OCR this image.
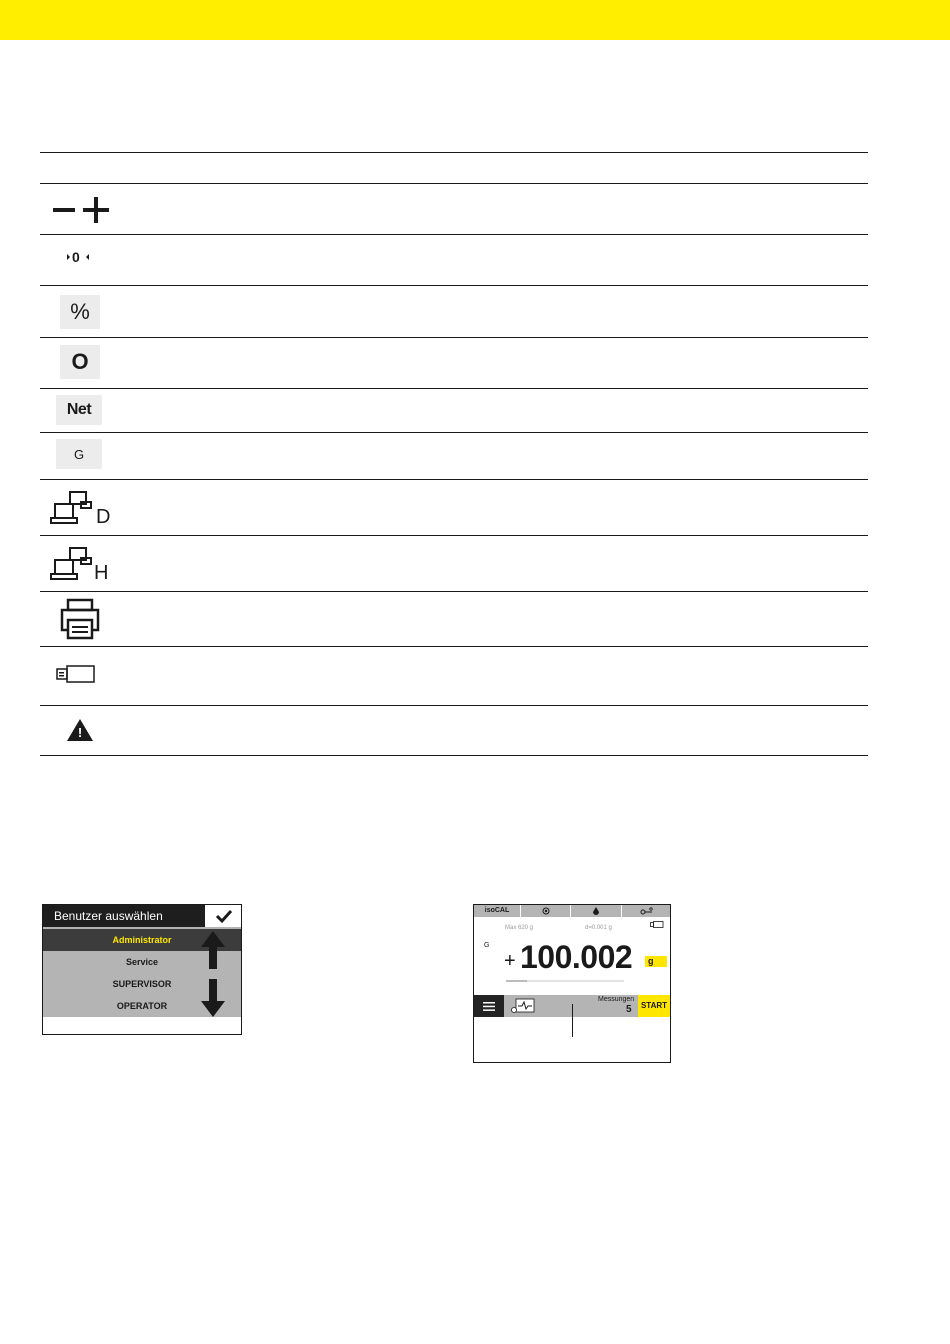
0
%
O
Net
G
D
H
!
Benutzer auswählen
Administrator
Service
SUPERVISOR
OPERATOR
isoCAL
Max 620 g	d=0.001 g
G
+ 100.002	g
Messungen
5	START
